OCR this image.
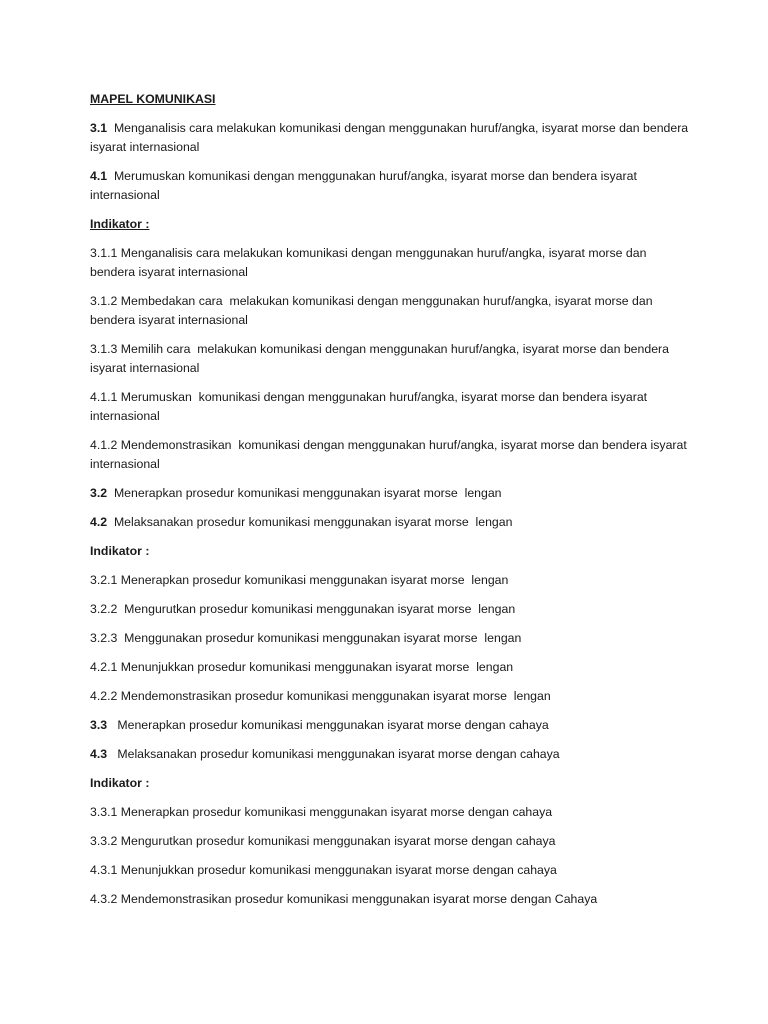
MAPEL KOMUNIKASI

3.1  Menganalisis cara melakukan komunikasi dengan menggunakan huruf/angka, isyarat morse dan bendera isyarat internasional

4.1  Merumuskan komunikasi dengan menggunakan huruf/angka, isyarat morse dan bendera isyarat internasional

Indikator :

3.1.1 Menganalisis cara melakukan komunikasi dengan menggunakan huruf/angka, isyarat morse dan bendera isyarat internasional

3.1.2 Membedakan cara  melakukan komunikasi dengan menggunakan huruf/angka, isyarat morse dan bendera isyarat internasional

3.1.3 Memilih cara  melakukan komunikasi dengan menggunakan huruf/angka, isyarat morse dan bendera isyarat internasional

4.1.1 Merumuskan  komunikasi dengan menggunakan huruf/angka, isyarat morse dan bendera isyarat internasional

4.1.2 Mendemonstrasikan  komunikasi dengan menggunakan huruf/angka, isyarat morse dan bendera isyarat internasional

3.2  Menerapkan prosedur komunikasi menggunakan isyarat morse  lengan

4.2  Melaksanakan prosedur komunikasi menggunakan isyarat morse  lengan

Indikator :

3.2.1 Menerapkan prosedur komunikasi menggunakan isyarat morse  lengan

3.2.2  Mengurutkan prosedur komunikasi menggunakan isyarat morse  lengan

3.2.3  Menggunakan prosedur komunikasi menggunakan isyarat morse  lengan

4.2.1 Menunjukkan prosedur komunikasi menggunakan isyarat morse  lengan

4.2.2 Mendemonstrasikan prosedur komunikasi menggunakan isyarat morse  lengan

3.3   Menerapkan prosedur komunikasi menggunakan isyarat morse dengan cahaya

4.3   Melaksanakan prosedur komunikasi menggunakan isyarat morse dengan cahaya

Indikator :

3.3.1 Menerapkan prosedur komunikasi menggunakan isyarat morse dengan cahaya

3.3.2 Mengurutkan prosedur komunikasi menggunakan isyarat morse dengan cahaya

4.3.1 Menunjukkan prosedur komunikasi menggunakan isyarat morse dengan cahaya

4.3.2 Mendemonstrasikan prosedur komunikasi menggunakan isyarat morse dengan Cahaya
